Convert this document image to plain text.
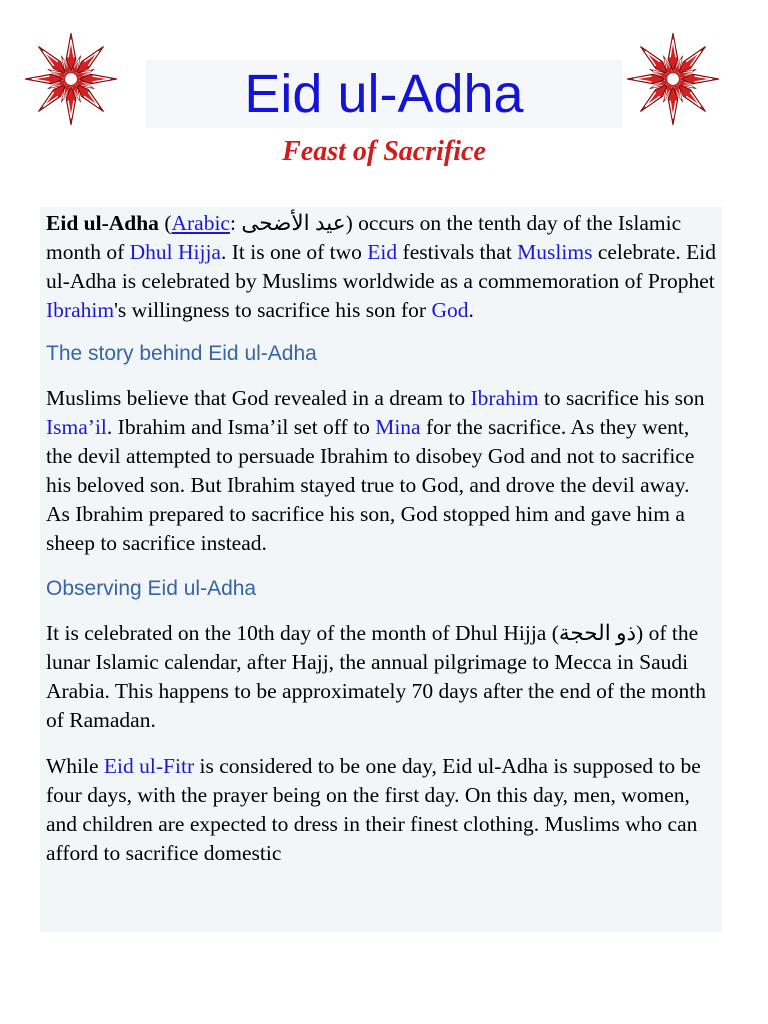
Eid ul-Adha

Feast of Sacrifice

Eid ul-Adha (Arabic: عيد الأضحى) occurs on the tenth day of the Islamic month of Dhul Hijja. It is one of two Eid festivals that Muslims celebrate. Eid ul-Adha is celebrated by Muslims worldwide as a commemoration of Prophet Ibrahim's willingness to sacrifice his son for God.

The story behind Eid ul-Adha

Muslims believe that God revealed in a dream to Ibrahim to sacrifice his son Isma’il. Ibrahim and Isma’il set off to Mina for the sacrifice. As they went, the devil attempted to persuade Ibrahim to disobey God and not to sacrifice his beloved son. But Ibrahim stayed true to God, and drove the devil away. As Ibrahim prepared to sacrifice his son, God stopped him and gave him a sheep to sacrifice instead.

Observing Eid ul-Adha

It is celebrated on the 10th day of the month of Dhul Hijja (ذو الحجة) of the lunar Islamic calendar, after Hajj, the annual pilgrimage to Mecca in Saudi Arabia. This happens to be approximately 70 days after the end of the month of Ramadan.

While Eid ul-Fitr is considered to be one day, Eid ul-Adha is supposed to be four days, with the prayer being on the first day. On this day, men, women, and children are expected to dress in their finest clothing. Muslims who can afford to sacrifice domestic
